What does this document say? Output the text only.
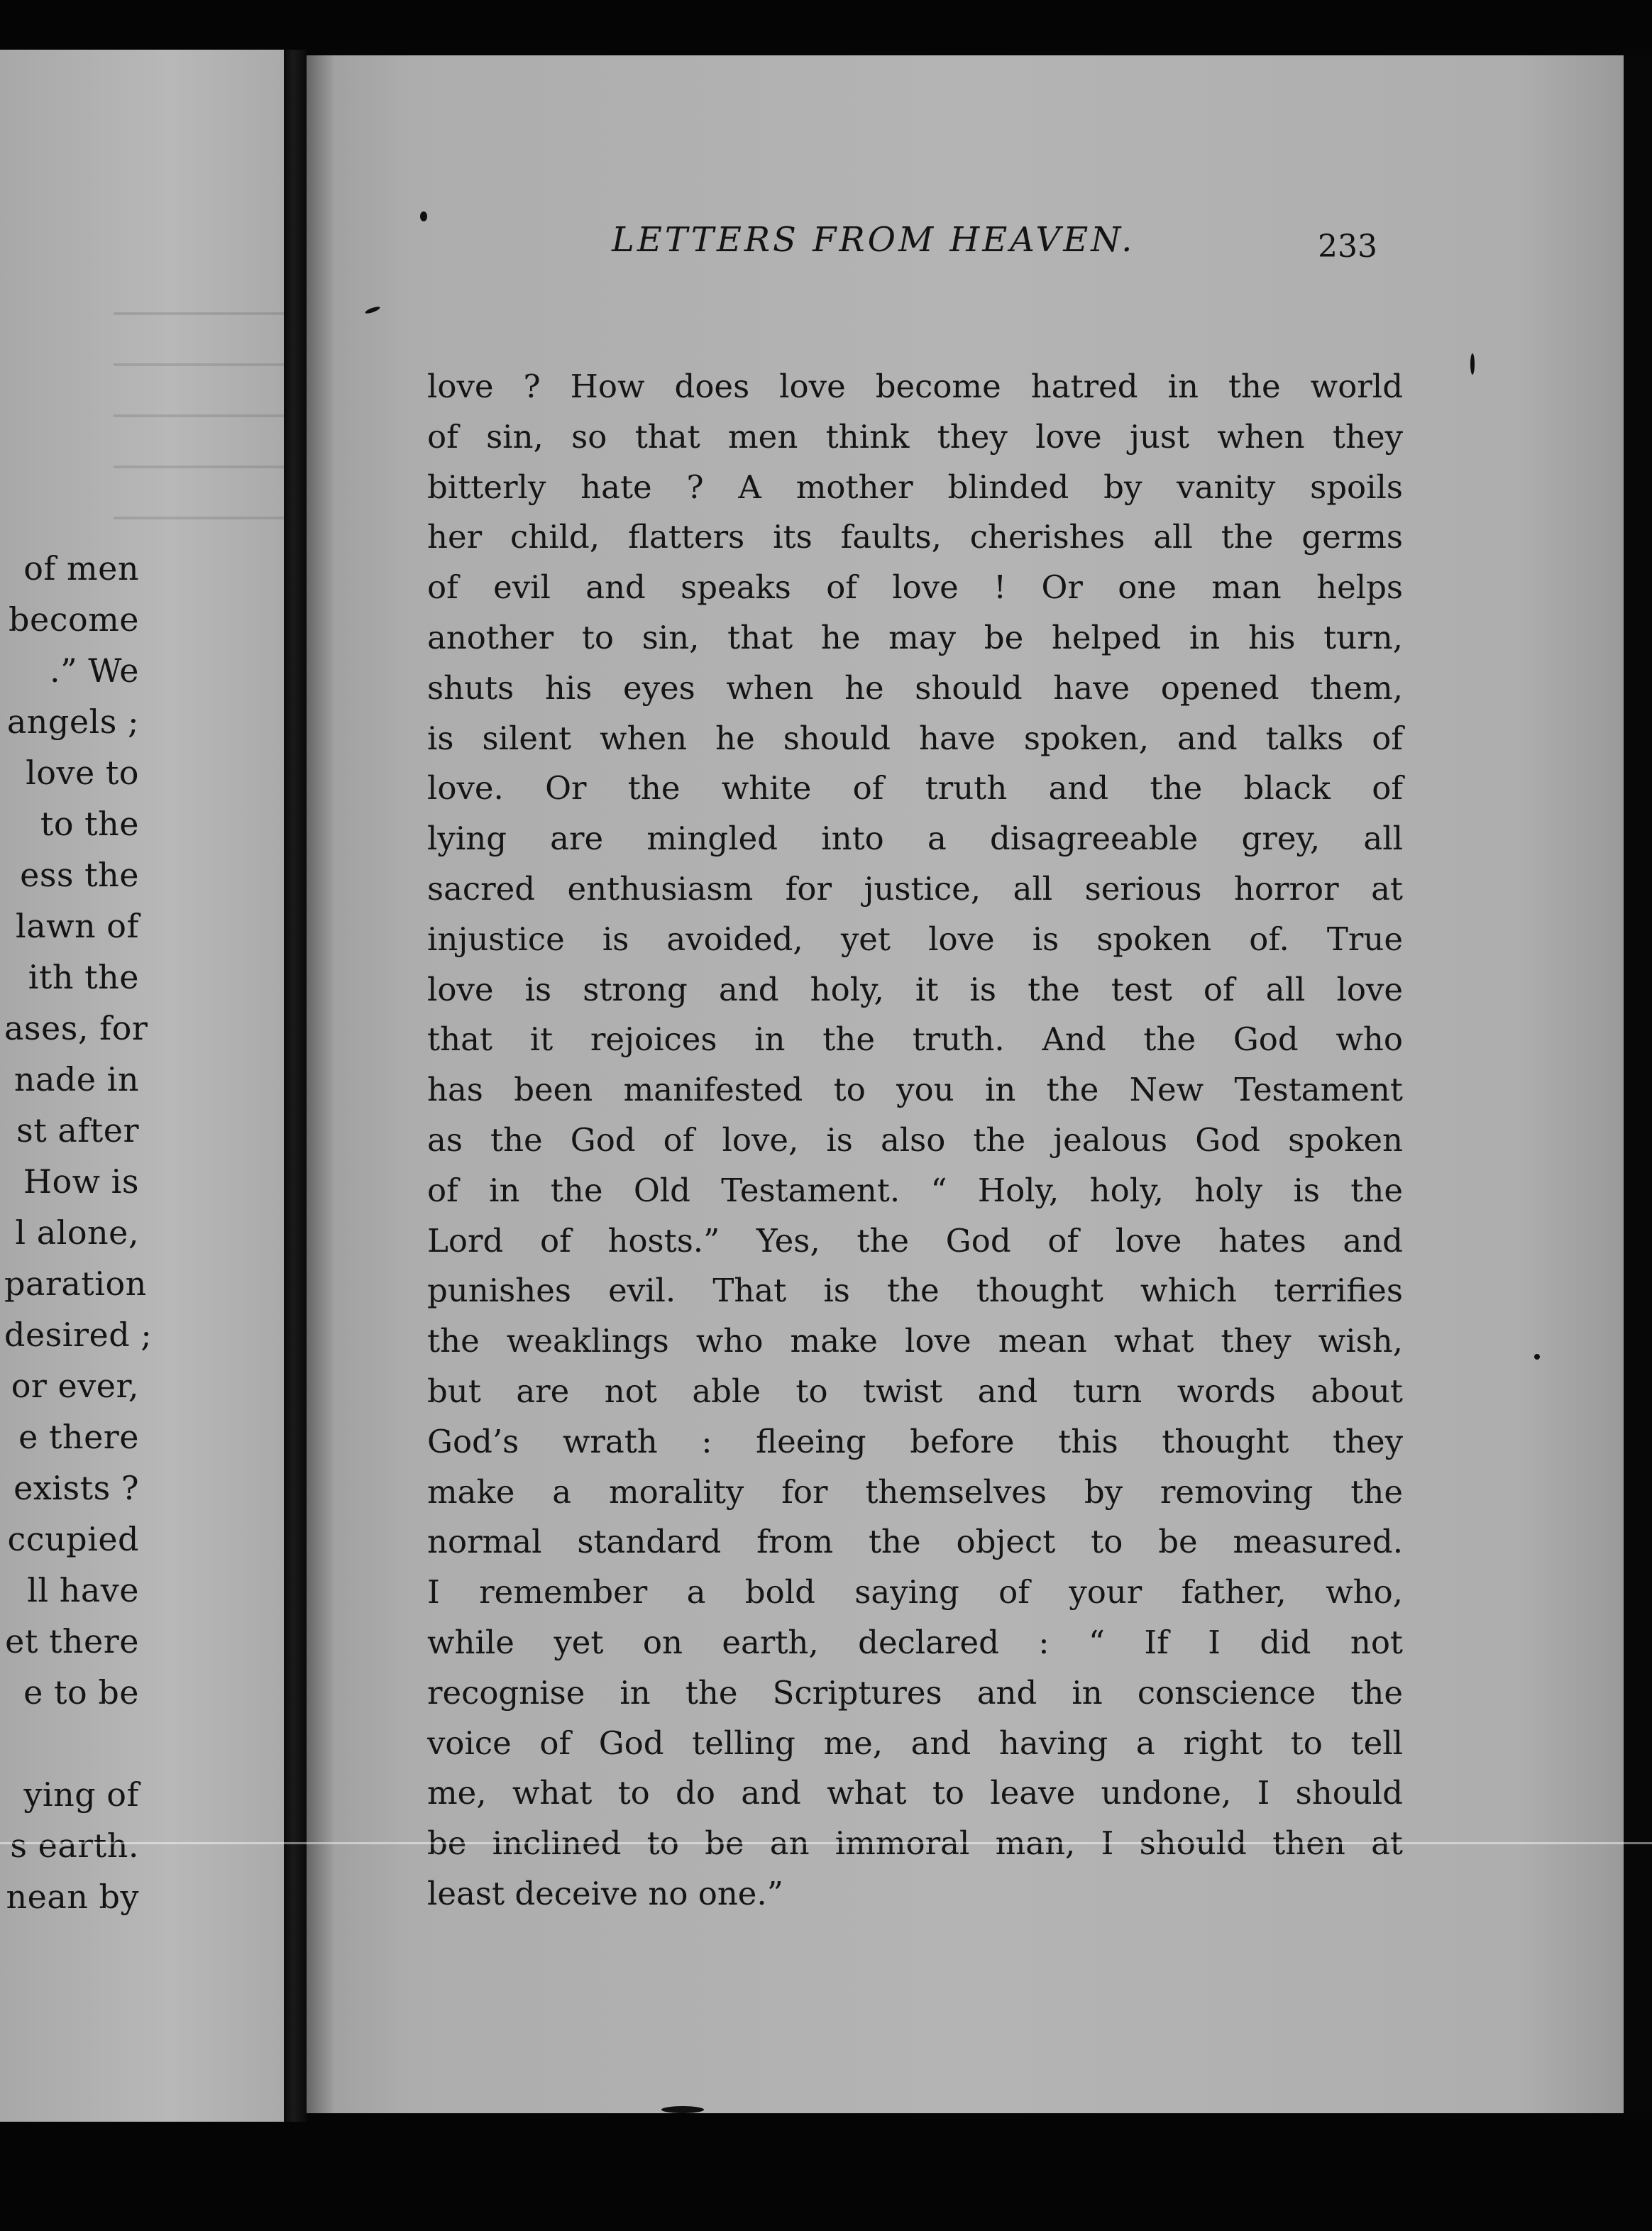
of men
become
.” We
angels ;
love to
to the
ess the
lawn of
ith the
ases, for
nade in
st after
How is
l alone,
paration
desired ;
or ever,
e there
exists ?
ccupied
ll have
et there
e to be
ying of
s earth.
nean by
LETTERS FROM HEAVEN.	233
love ? How does love become hatred in the world
of sin, so that men think they love just when they
bitterly hate ? A mother blinded by vanity spoils
her child, flatters its faults, cherishes all the germs
of evil and speaks of love ! Or one man helps
another to sin, that he may be helped in his turn,
shuts his eyes when he should have opened them,
is silent when he should have spoken, and talks of
love. Or the white of truth and the black of
lying are mingled into a disagreeable grey, all
sacred enthusiasm for justice, all serious horror at
injustice is avoided, yet love is spoken of. True
love is strong and holy, it is the test of all love
that it rejoices in the truth. And the God who
has been manifested to you in the New Testament
as the God of love, is also the jealous God spoken
of in the Old Testament. “ Holy, holy, holy is the
Lord of hosts.” Yes, the God of love hates and
punishes evil. That is the thought which terrifies
the weaklings who make love mean what they wish,
but are not able to twist and turn words about
God’s wrath : fleeing before this thought they
make a morality for themselves by removing the
normal standard from the object to be measured.
I remember a bold saying of your father, who,
while yet on earth, declared : “ If I did not
recognise in the Scriptures and in conscience the
voice of God telling me, and having a right to tell
me, what to do and what to leave undone, I should
be inclined to be an immoral man, I should then at
least deceive no one.”
